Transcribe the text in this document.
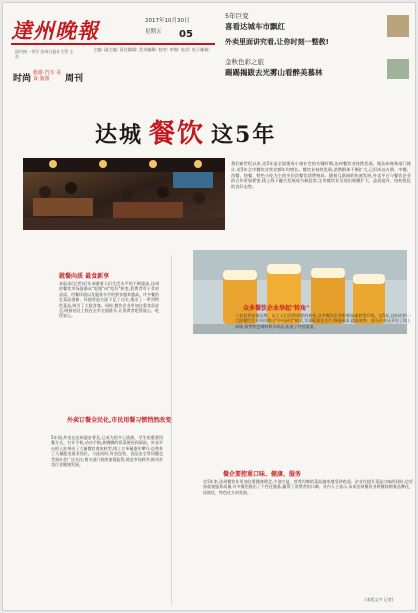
達州晚報	2017年10月30日
星期五 05
国内统一刊号 达州日报社主管 主办
时尚
旅游·汽车 美食·旅游	周刊
主编: 副主编: 责任编辑: 美术编辑: 校对: 审稿: 电话: 电子邮箱:
5年巨变
喜看达城车市飘红
外卖里面讲究看,让你时刻一整教!
金秋色彩之旅
踢踢揭跋去光雾山看醉美慕林
达城 餐饮 这5年
我们新世纪以来,达5年是全面建成小康社会的关键时期,达州餐饮业持续发展。据达州商务部门统计,近5年全市餐饮业营业额年均增长。餐饮业持续发展,消费群体不断扩大,已形成以火锅、中餐、西餐、快餐、特色小吃为主的多层次餐饮消费格局。随着互联网的快速发展,外卖平台与餐饮企业的合作更加紧密,线上线下融合发展成为新趋势,全市餐饮业呈现出规模扩大、品质提升、结构优化的良好态势。
就餐向质 最食新享
本报讯(记者)近年来随着人们生活水平的不断提高,达州的餐饮市场逐渐从"吃饱"向"吃好"转变,消费者对于食材品质、用餐环境以及服务水平的要求越来越高。许多餐馆在菜品创新、环境营造方面下足了功夫,推出了一系列特色菜品,吸引了大批食客。同时,餐饮企业更加注重食品安全,明厨亮灶工程在全市全面推开,让消费者吃得放心、吃得安心。
众多餐饮企业举起"转角"
八家直营连锁品牌、从上人们消费需要的转变,众多餐饮企业积极探索转型升级。这5年,达州市的一大批餐饮企业纷纷推出"中央厨房"模式,实现标准化生产,降低成本,提高效率。部分企业还开设了线上商城,销售特色调料和半成品,拓展了经营渠道。
外卖订餐全民化,市民用餐习惯悄然改变
5年间,外卖在达州逐步普及,已成为很多上班族、学生的重要用餐方式。打开手机,动动手指,热腾腾的饭菜便送到面前。外卖平台的入驻带动了大量餐饮商家转型,线上订单量逐年攀升,也带来了大量配送就业岗位。与此同时,外卖包装、食品安全等问题也受到社会广泛关注,相关部门持续加强监管,规范市场秩序,推动外卖行业健康发展。
餐企要控重口味、健康、服务
在5年来,达州餐饮业更加注重健康理念,少油少盐、营养均衡的菜品越来越受到欢迎。企业在提升菜品口味的同时,也更加重视服务质量,许多餐馆推出了个性化服务,赢得了消费者的口碑。业内人士表示,未来达州餐饮业将继续朝着品牌化、连锁化、特色化方向发展。
(本版文字 记者)
